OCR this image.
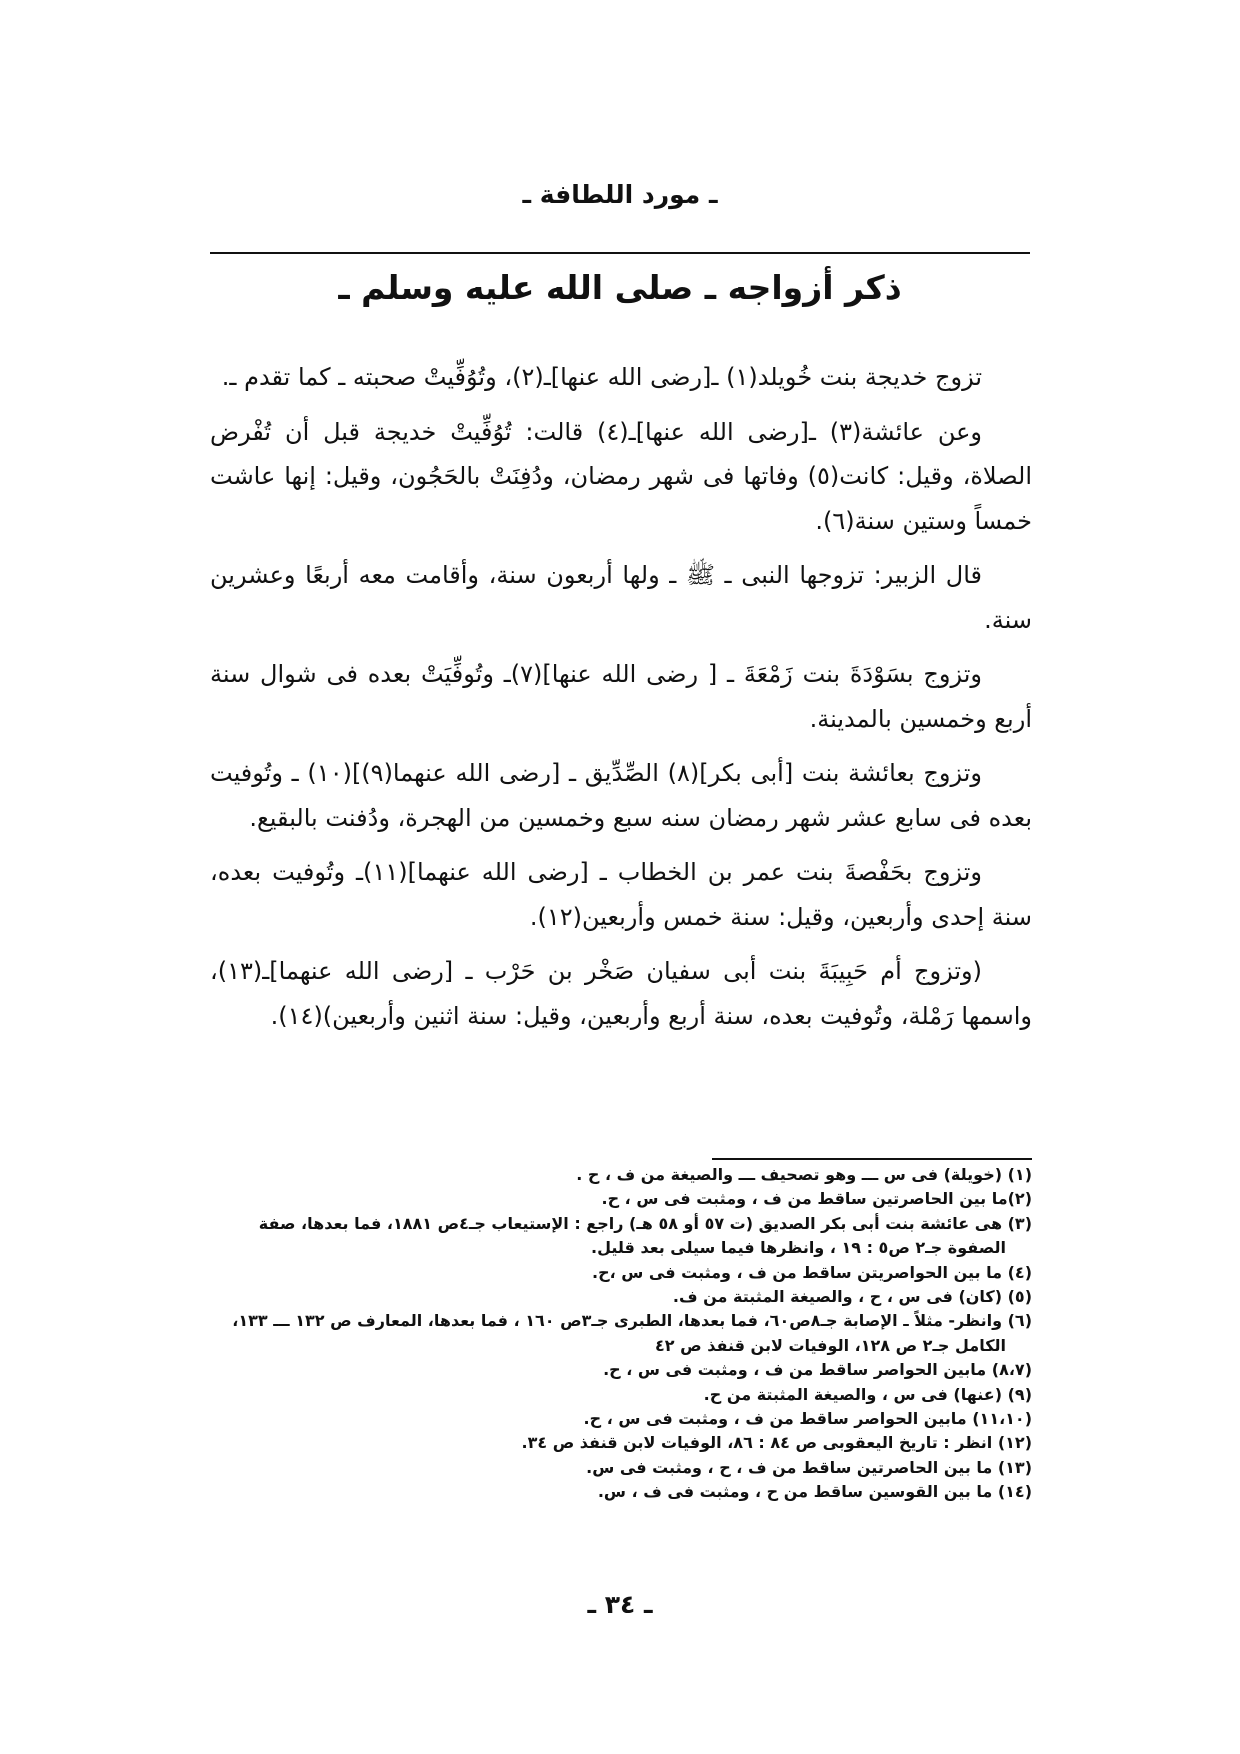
ـ مورد اللطافة ـ
ذكر أزواجه ـ صلى الله عليه وسلم ـ

تزوج خديجة بنت خُويلد(١) ـ[رضى الله عنها]ـ(٢)، وتُوُفِّيتْ صحبته ـ كما تقدم ـ.

وعن عائشة(٣) ـ[رضى الله عنها]ـ(٤) قالت: تُوُفِّيتْ خديجة قبل أن تُفْرض الصلاة، وقيل: كانت(٥) وفاتها فى شهر رمضان، ودُفِنَتْ بالحَجُون، وقيل: إنها عاشت خمساً وستين سنة(٦).

قال الزبير: تزوجها النبى ـ ﷺ ـ ولها أربعون سنة، وأقامت معه أربعًا وعشرين سنة.

وتزوج بسَوْدَةَ بنت زَمْعَةَ ـ [ رضى الله عنها](٧)ـ وتُوفِّيَتْ بعده فى شوال سنة أربع وخمسين بالمدينة.

وتزوج بعائشة بنت [أبى بكر](٨) الصِّدِّيق ـ [رضى الله عنهما(٩)](١٠) ـ وتُوفيت بعده فى سابع عشر شهر رمضان سنه سبع وخمسين من الهجرة، ودُفنت بالبقيع.

وتزوج بحَفْصةَ بنت عمر بن الخطاب ـ [رضى الله عنهما](١١)ـ وتُوفيت بعده، سنة إحدى وأربعين، وقيل: سنة خمس وأربعين(١٢).

(وتزوج أم حَبِيبَةَ بنت أبى سفيان صَخْر بن حَرْب ـ [رضى الله عنهما]ـ(١٣)، واسمها رَمْلة، وتُوفيت بعده، سنة أربع وأربعين، وقيل: سنة اثنين وأربعين)(١٤).

(١) (خويلة) فى س ـــ وهو تصحيف ـــ والصيغة من ف ، ح .
(٢)ما بين الحاصرتين ساقط من ف ، ومثبت فى س ، ح.
(٣) هى عائشة بنت أبى بكر الصديق (ت ٥٧ أو ٥٨ هـ) راجع : الإستيعاب جـ٤ص ١٨٨١، فما بعدها، صفة الصفوة جـ٢ ص٥ : ١٩ ، وانظرها فيما سيلى بعد قليل.
(٤) ما بين الحواصريتن ساقط من ف ، ومثبت فى س ،ح.
(٥) (كان) فى س ، ح ، والصيغة المثبتة من ف.
(٦) وانظر- مثلاً ـ الإصابة جـ٨ص٦٠، فما بعدها، الطبرى جـ٣ص ١٦٠ ، فما بعدها، المعارف ص ١٣٢ ـــ ١٣٣، الكامل جـ٢ ص ١٢٨، الوفيات لابن قنفذ ص ٤٢
(٨،٧) مابين الحواصر ساقط من ف ، ومثبت فى س ، ح.
(٩) (عنها) فى س ، والصيغة المثبتة من ح.
(١١،١٠) مابين الحواصر ساقط من ف ، ومثبت فى س ، ح.
(١٢) انظر : تاريخ اليعقوبى ص ٨٤ : ٨٦، الوفيات لابن قنفذ ص ٣٤.
(١٣) ما بين الحاصرتين ساقط من ف ، ح ، ومثبت فى س.
(١٤) ما بين القوسين ساقط من ح ، ومثبت فى ف ، س.
ـ ٣٤ ـ
